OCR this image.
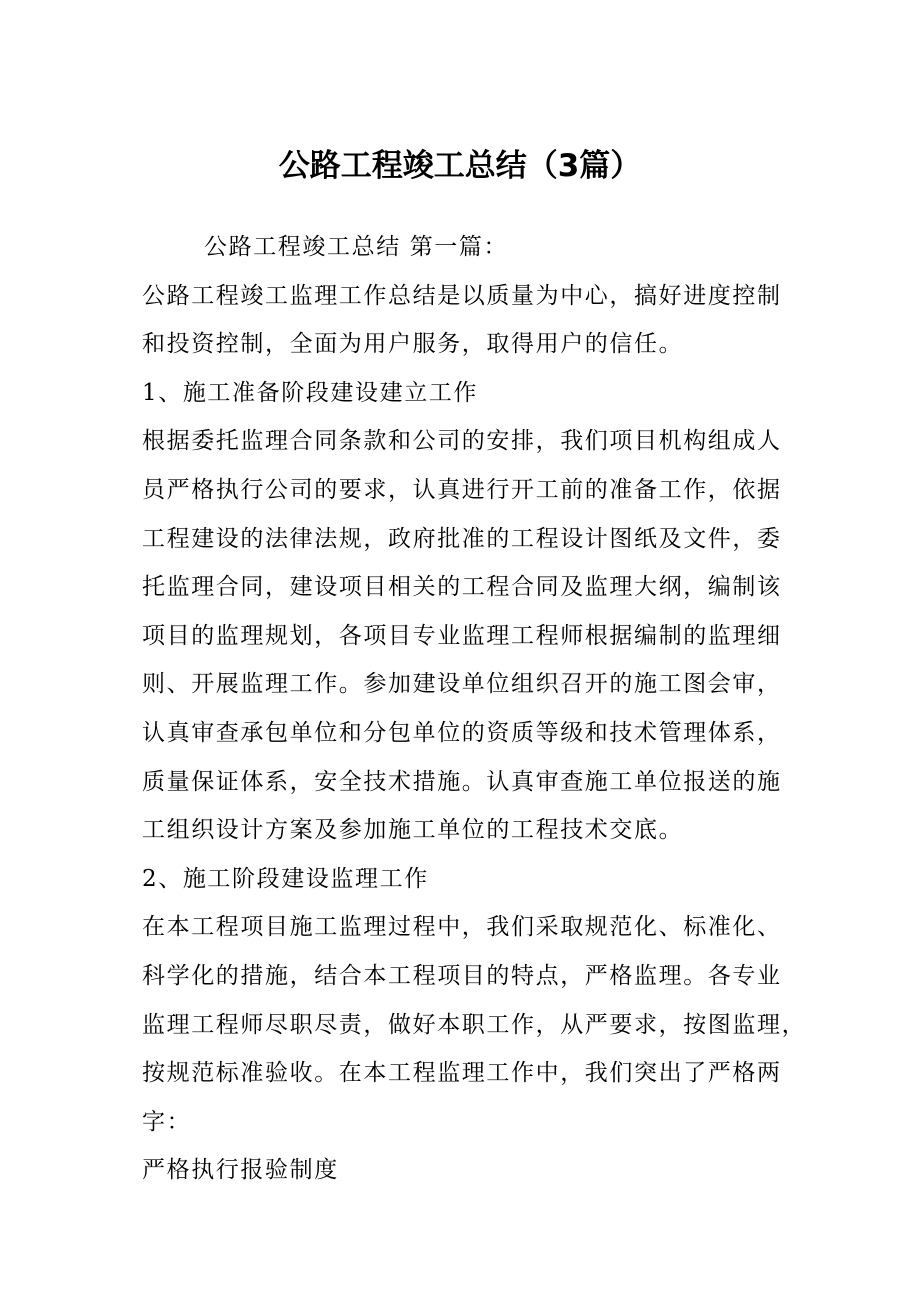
公路工程竣工总结（3篇）

公路工程竣工总结 第一篇：

公路工程竣工监理工作总结是以质量为中心，搞好进度控制

和投资控制，全面为用户服务，取得用户的信任。

1、施工准备阶段建设建立工作

根据委托监理合同条款和公司的安排，我们项目机构组成人

员严格执行公司的要求，认真进行开工前的准备工作，依据

工程建设的法律法规，政府批准的工程设计图纸及文件，委

托监理合同，建设项目相关的工程合同及监理大纲，编制该

项目的监理规划，各项目专业监理工程师根据编制的监理细

则、开展监理工作。参加建设单位组织召开的施工图会审，

认真审查承包单位和分包单位的资质等级和技术管理体系，

质量保证体系，安全技术措施。认真审查施工单位报送的施

工组织设计方案及参加施工单位的工程技术交底。

2、施工阶段建设监理工作

在本工程项目施工监理过程中，我们采取规范化、标准化、

科学化的措施，结合本工程项目的特点，严格监理。各专业

监理工程师尽职尽责，做好本职工作，从严要求，按图监理，

按规范标准验收。在本工程监理工作中，我们突出了严格两

字：

严格执行报验制度
